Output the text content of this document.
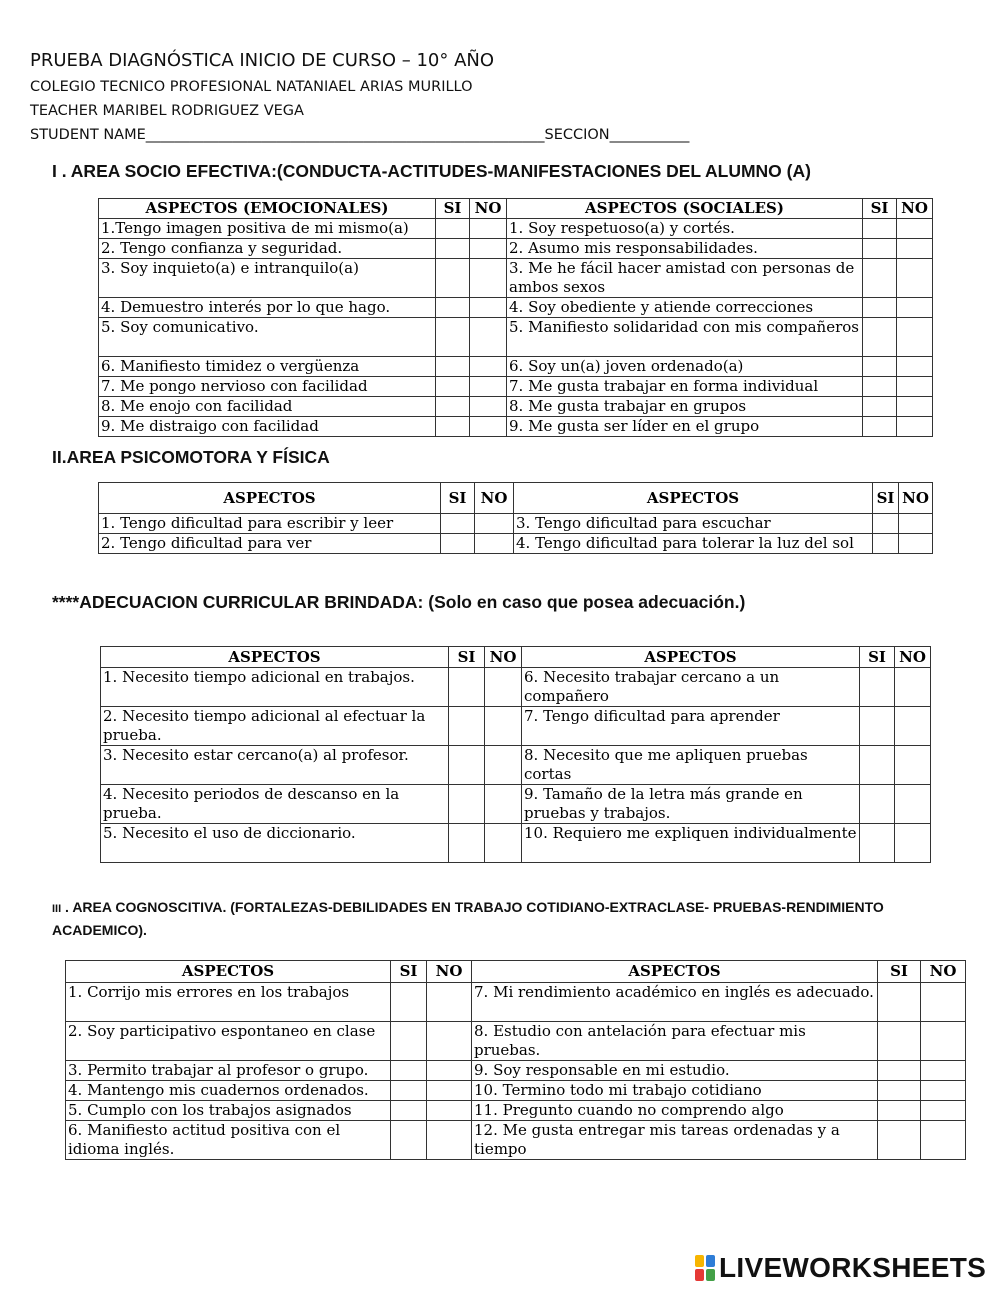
PRUEBA DIAGNÓSTICA INICIO DE CURSO – 10° AÑO
COLEGIO TECNICO PROFESIONAL NATANIAEL ARIAS MURILLO
TEACHER MARIBEL RODRIGUEZ VEGA
STUDENT NAME_______________________________________________________SECCION___________
I . AREA SOCIO EFECTIVA:(CONDUCTA-ACTITUDES-MANIFESTACIONES DEL ALUMNO (A)
ASPECTOS (EMOCIONALES)	SI	NO	ASPECTOS (SOCIALES)	SI	NO
1.Tengo imagen positiva de mi mismo(a)			1. Soy respetuoso(a) y cortés.		
2. Tengo confianza y seguridad.			2. Asumo mis responsabilidades.		
3. Soy inquieto(a) e intranquilo(a)			3. Me he fácil hacer amistad con personas de ambos sexos		
4. Demuestro interés por lo que hago.			4. Soy obediente y atiende correcciones		
5. Soy comunicativo.			5. Manifiesto solidaridad con mis compañeros		
6. Manifiesto timidez o vergüenza			6. Soy un(a) joven ordenado(a)		
7. Me pongo nervioso con facilidad			7. Me gusta trabajar en forma individual		
8. Me enojo con facilidad			8. Me gusta trabajar en grupos		
9. Me distraigo con facilidad			9. Me gusta ser líder en el grupo		
II.AREA PSICOMOTORA Y FÍSICA
ASPECTOS	SI	NO	ASPECTOS	SI	NO
1. Tengo dificultad para escribir y leer			3. Tengo dificultad para escuchar		
2. Tengo dificultad para ver			4. Tengo dificultad para tolerar la luz del sol		
****ADECUACION CURRICULAR BRINDADA: (Solo en caso que posea adecuación.)
ASPECTOS	SI	NO	ASPECTOS	SI	NO
1. Necesito tiempo adicional en trabajos.			6. Necesito trabajar cercano a un compañero		
2. Necesito tiempo adicional al efectuar la prueba.			7. Tengo dificultad para aprender		
3. Necesito estar cercano(a) al profesor.			8. Necesito que me apliquen pruebas cortas		
4. Necesito periodos de descanso en la prueba.			9. Tamaño de la letra más grande en pruebas y trabajos.		
5. Necesito el uso de diccionario.			10. Requiero me expliquen individualmente		
III . AREA COGNOSCITIVA. (FORTALEZAS-DEBILIDADES EN TRABAJO COTIDIANO-EXTRACLASE- PRUEBAS-RENDIMIENTO ACADEMICO).
ASPECTOS	SI	NO	ASPECTOS	SI	NO
1. Corrijo mis errores en los trabajos			7. Mi rendimiento académico en inglés es adecuado.		
2. Soy participativo espontaneo en clase			8. Estudio con antelación para efectuar mis pruebas.		
3. Permito trabajar al profesor o grupo.			9. Soy responsable en mi estudio.		
4. Mantengo mis cuadernos ordenados.			10. Termino todo mi trabajo cotidiano		
5. Cumplo con los trabajos asignados			11. Pregunto cuando no comprendo algo		
6. Manifiesto actitud positiva con el idioma inglés.			12. Me gusta entregar mis tareas ordenadas y a tiempo		
LIVEWORKSHEETS
